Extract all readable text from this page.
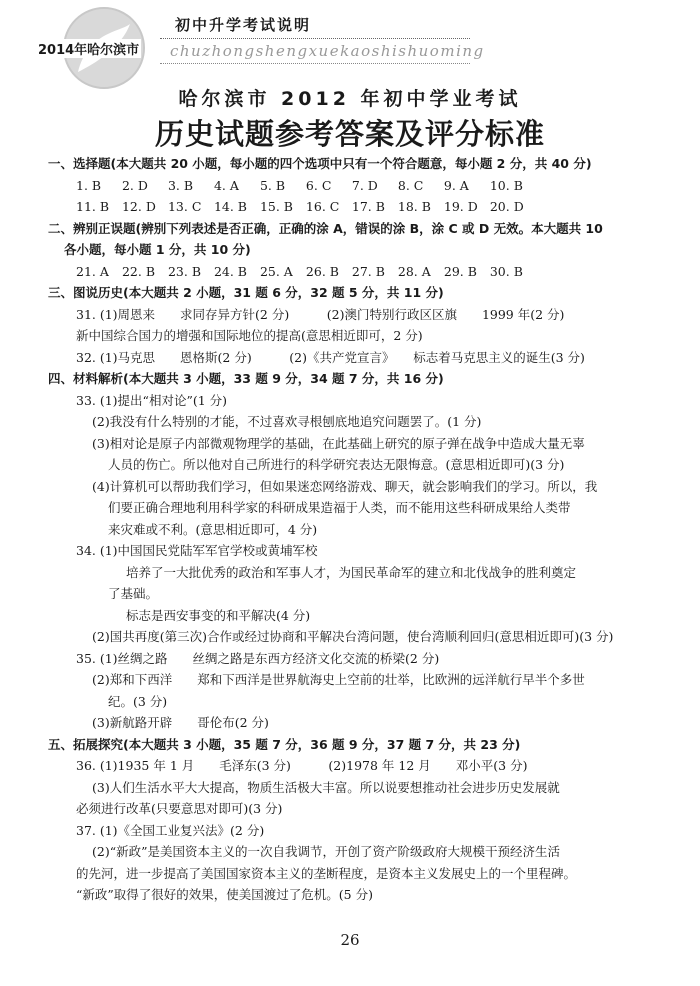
初中升学考试说明
2014年哈尔滨市 chuzhongshengxuekaoshishuoming
哈尔滨市 2012 年初中学业考试
历史试题参考答案及评分标准
一、选择题(本大题共 20 小题，每小题的四个选项中只有一个符合题意，每小题 2 分，共 40 分)
1. B 2. D 3. B 4. A 5. B 6. C 7. D 8. C 9. A 10. B
11. B 12. D 13. C 14. B 15. B 16. C 17. B 18. B 19. D 20. D
二、辨别正误题(辨别下列表述是否正确，正确的涂 A，错误的涂 B，涂 C 或 D 无效。本大题共 10
各小题，每小题 1 分，共 10 分)
21. A 22. B 23. B 24. B 25. A 26. B 27. B 28. A 29. B 30. B
三、图说历史(本大题共 2 小题，31 题 6 分，32 题 5 分，共 11 分)
31. (1)周恩来　　求同存异方针(2 分)　　　(2)澳门特别行政区区旗　　1999 年(2 分)
新中国综合国力的增强和国际地位的提高(意思相近即可，2 分)
32. (1)马克思　　恩格斯(2 分)　　　(2)《共产党宣言》　　标志着马克思主义的诞生(3 分)
四、材料解析(本大题共 3 小题，33 题 9 分，34 题 7 分，共 16 分)
33. (1)提出“相对论”(1 分)
(2)我没有什么特别的才能，不过喜欢寻根刨底地追究问题罢了。(1 分)
(3)相对论是原子内部微观物理学的基础，在此基础上研究的原子弹在战争中造成大量无辜
人员的伤亡。所以他对自己所进行的科学研究表达无限悔意。(意思相近即可)(3 分)
(4)计算机可以帮助我们学习，但如果迷恋网络游戏、聊天，就会影响我们的学习。所以，我
们要正确合理地利用科学家的科研成果造福于人类，而不能用这些科研成果给人类带
来灾难或不利。(意思相近即可，4 分)
34. (1)中国国民党陆军军官学校或黄埔军校
培养了一大批优秀的政治和军事人才，为国民革命军的建立和北伐战争的胜利奠定
了基础。
标志是西安事变的和平解决(4 分)
(2)国共再度(第三次)合作或经过协商和平解决台湾问题，使台湾顺利回归(意思相近即可)(3 分)
35. (1)丝绸之路　　丝绸之路是东西方经济文化交流的桥梁(2 分)
(2)郑和下西洋　　郑和下西洋是世界航海史上空前的壮举，比欧洲的远洋航行早半个多世
纪。(3 分)
(3)新航路开辟　　哥伦布(2 分)
五、拓展探究(本大题共 3 小题，35 题 7 分，36 题 9 分，37 题 7 分，共 23 分)
36. (1)1935 年 1 月　　毛泽东(3 分)　　　(2)1978 年 12 月　　邓小平(3 分)
(3)人们生活水平大大提高，物质生活极大丰富。所以说要想推动社会进步历史发展就
必须进行改革(只要意思对即可)(3 分)
37. (1)《全国工业复兴法》(2 分)
(2)“新政”是美国资本主义的一次自我调节，开创了资产阶级政府大规模干预经济生活
的先河，进一步提高了美国国家资本主义的垄断程度，是资本主义发展史上的一个里程碑。
“新政”取得了很好的效果，使美国渡过了危机。(5 分)
26
